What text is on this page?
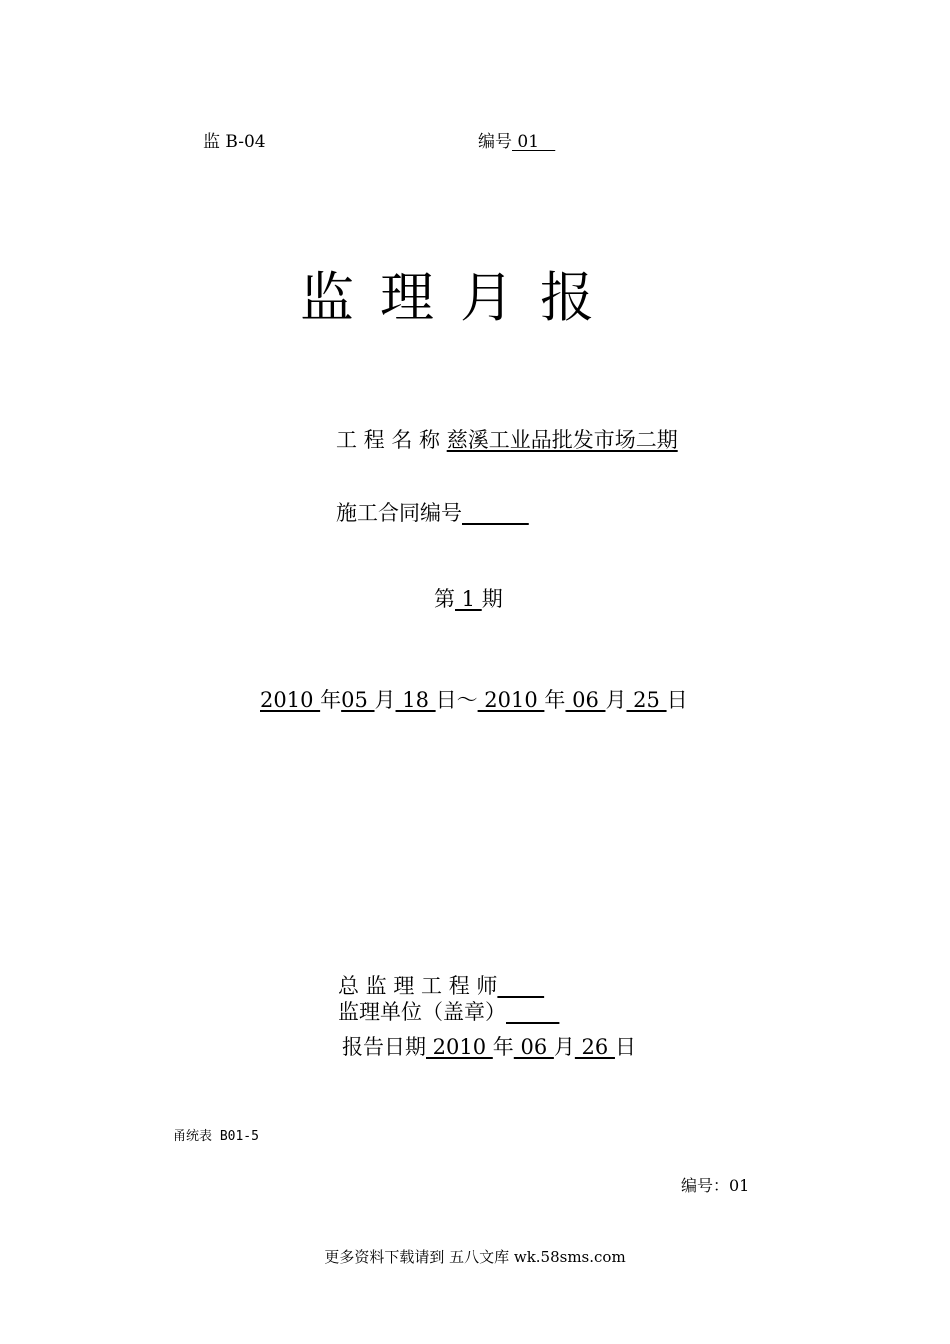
监 B-04	编号 01
监理月报
工 程 名 称 慈溪工业品批发市场二期
施工合同编号
第 1 期
2010 年05 月 18 日～ 2010 年 06 月 25 日
总 监 理 工 程 师
监理单位（盖章）
报告日期 2010 年 06 月 26 日
甬统表 B01-5
编号：01
更多资料下载请到 五八文库 wk.58sms.com
